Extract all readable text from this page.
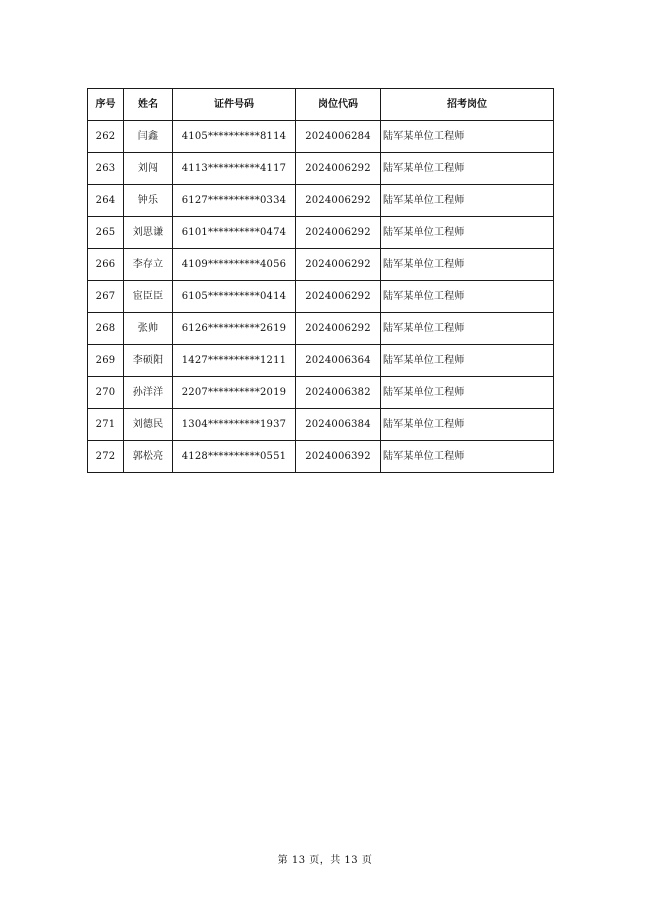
序号	姓名	证件号码	岗位代码	招考岗位
262	闫鑫	4105**********8114	2024006284	陆军某单位工程师
263	刘闯	4113**********4117	2024006292	陆军某单位工程师
264	钟乐	6127**********0334	2024006292	陆军某单位工程师
265	刘思谦	6101**********0474	2024006292	陆军某单位工程师
266	李存立	4109**********4056	2024006292	陆军某单位工程师
267	宦臣臣	6105**********0414	2024006292	陆军某单位工程师
268	张帅	6126**********2619	2024006292	陆军某单位工程师
269	李硕阳	1427**********1211	2024006364	陆军某单位工程师
270	孙洋洋	2207**********2019	2024006382	陆军某单位工程师
271	刘德民	1304**********1937	2024006384	陆军某单位工程师
272	郭松亮	4128**********0551	2024006392	陆军某单位工程师
第 13 页，共 13 页
